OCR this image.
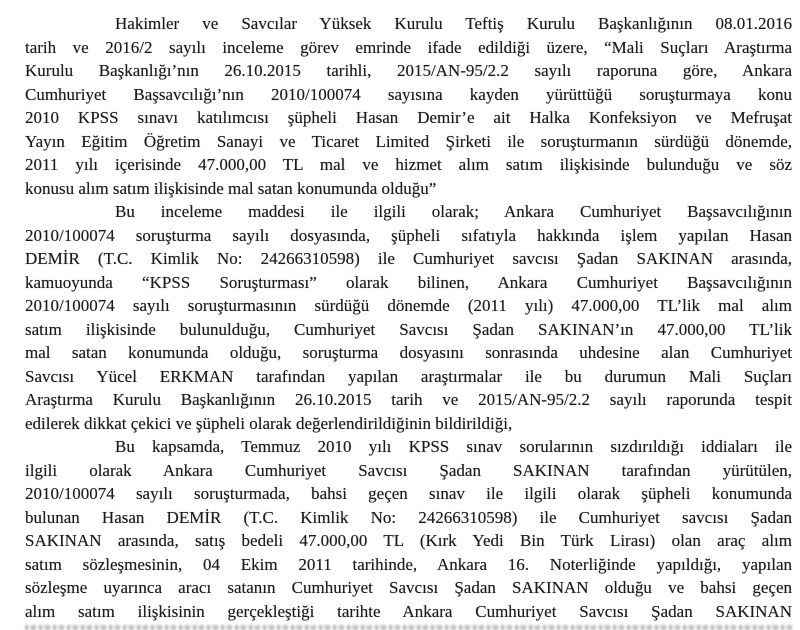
Hakimler ve Savcılar Yüksek Kurulu Teftiş Kurulu Başkanlığının 08.01.2016
tarih ve 2016/2 sayılı inceleme görev emrinde ifade edildiği üzere, “Mali Suçları Araştırma
Kurulu Başkanlığı’nın 26.10.2015 tarihli, 2015/AN-95/2.2 sayılı raporuna göre, Ankara
Cumhuriyet Başsavcılığı’nın 2010/100074 sayısına kayden yürüttüğü soruşturmaya konu
2010 KPSS sınavı katılımcısı şüpheli Hasan Demir’e ait Halka Konfeksiyon ve Mefruşat
Yayın Eğitim Öğretim Sanayi ve Ticaret Limited Şirketi ile soruşturmanın sürdüğü dönemde,
2011 yılı içerisinde 47.000,00 TL mal ve hizmet alım satım ilişkisinde bulunduğu ve söz
konusu alım satım ilişkisinde mal satan konumunda olduğu”
Bu inceleme maddesi ile ilgili olarak; Ankara Cumhuriyet Başsavcılığının
2010/100074 soruşturma sayılı dosyasında, şüpheli sıfatıyla hakkında işlem yapılan Hasan
DEMİR (T.C. Kimlik No: 24266310598) ile Cumhuriyet savcısı Şadan SAKINAN arasında,
kamuoyunda “KPSS Soruşturması” olarak bilinen, Ankara Cumhuriyet Başsavcılığının
2010/100074 sayılı soruşturmasının sürdüğü dönemde (2011 yılı) 47.000,00 TL’lik mal alım
satım ilişkisinde bulunulduğu, Cumhuriyet Savcısı Şadan SAKINAN’ın 47.000,00 TL’lik
mal satan konumunda olduğu, soruşturma dosyasını sonrasında uhdesine alan Cumhuriyet
Savcısı Yücel ERKMAN tarafından yapılan araştırmalar ile bu durumun Mali Suçları
Araştırma Kurulu Başkanlığının 26.10.2015 tarih ve 2015/AN-95/2.2 sayılı raporunda tespit
edilerek dikkat çekici ve şüpheli olarak değerlendirildiğinin bildirildiği,
Bu kapsamda, Temmuz 2010 yılı KPSS sınav sorularının sızdırıldığı iddiaları ile
ilgili olarak Ankara Cumhuriyet Savcısı Şadan SAKINAN tarafından yürütülen,
2010/100074 sayılı soruşturmada, bahsi geçen sınav ile ilgili olarak şüpheli konumunda
bulunan Hasan DEMİR (T.C. Kimlik No: 24266310598) ile Cumhuriyet savcısı Şadan
SAKINAN arasında, satış bedeli 47.000,00 TL (Kırk Yedi Bin Türk Lirası) olan araç alım
satım sözleşmesinin, 04 Ekim 2011 tarihinde, Ankara 16. Noterliğinde yapıldığı, yapılan
sözleşme uyarınca aracı satanın Cumhuriyet Savcısı Şadan SAKINAN olduğu ve bahsi geçen
alım satım ilişkisinin gerçekleştiği tarihte Ankara Cumhuriyet Savcısı Şadan SAKINAN
